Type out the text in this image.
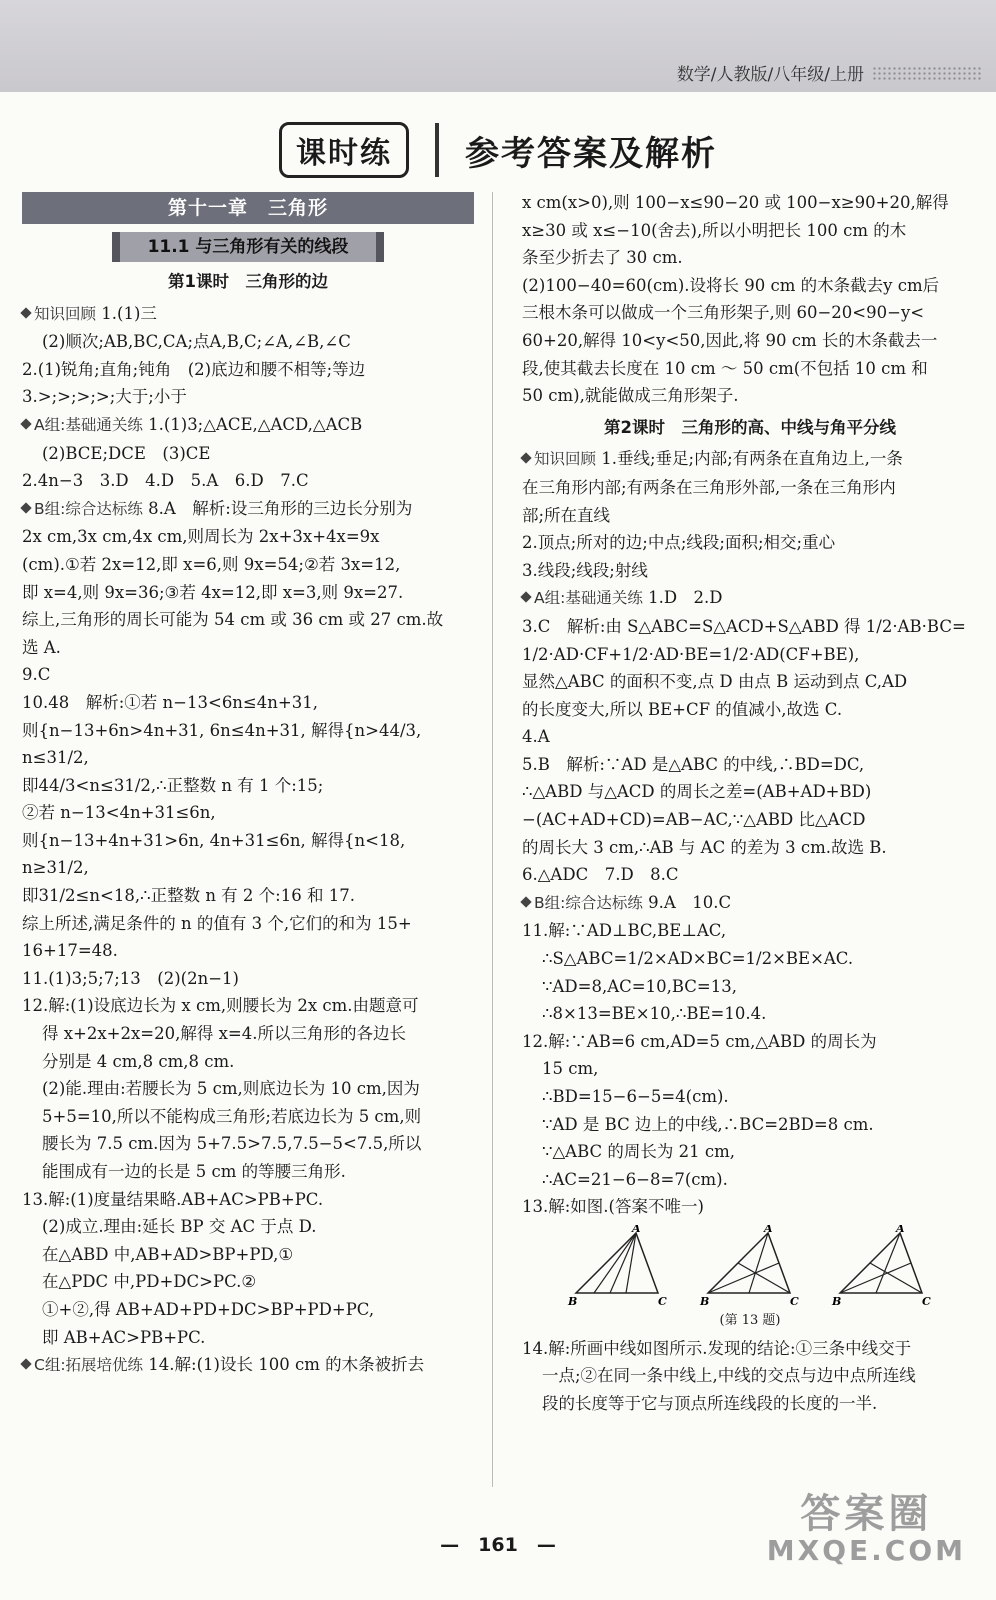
数学/人教版/八年级/上册
课时练	参考答案及解析
第十一章　三角形
11.1 与三角形有关的线段
第1课时　三角形的边

知识回顾 1.(1)三

(2)顺次;AB,BC,CA;点A,B,C;∠A,∠B,∠C

2.(1)锐角;直角;钝角　(2)底边和腰不相等;等边

3.>;>;>;>;大于;小于

A组:基础通关练 1.(1)3;△ACE,△ACD,△ACB

(2)BCE;DCE　(3)CE

2.4n−3　3.D　4.D　5.A　6.D　7.C

B组:综合达标练 8.A　解析:设三角形的三边长分别为

2x cm,3x cm,4x cm,则周长为 2x+3x+4x=9x

(cm).①若 2x=12,即 x=6,则 9x=54;②若 3x=12,

即 x=4,则 9x=36;③若 4x=12,即 x=3,则 9x=27.

综上,三角形的周长可能为 54 cm 或 36 cm 或 27 cm.故

选 A.

9.C

10.48　解析:①若 n−13<6n≤4n+31,

则{n−13+6n>4n+31, 6n≤4n+31, 解得{n>44/3, n≤31/2,

即44/3<n≤31/2,∴正整数 n 有 1 个:15;

②若 n−13<4n+31≤6n,

则{n−13+4n+31>6n, 4n+31≤6n, 解得{n<18, n≥31/2,

即31/2≤n<18,∴正整数 n 有 2 个:16 和 17.

综上所述,满足条件的 n 的值有 3 个,它们的和为 15+

16+17=48.

11.(1)3;5;7;13　(2)(2n−1)

12.解:(1)设底边长为 x cm,则腰长为 2x cm.由题意可

得 x+2x+2x=20,解得 x=4.所以三角形的各边长

分别是 4 cm,8 cm,8 cm.

(2)能.理由:若腰长为 5 cm,则底边长为 10 cm,因为

5+5=10,所以不能构成三角形;若底边长为 5 cm,则

腰长为 7.5 cm.因为 5+7.5>7.5,7.5−5<7.5,所以

能围成有一边的长是 5 cm 的等腰三角形.

13.解:(1)度量结果略.AB+AC>PB+PC.

(2)成立.理由:延长 BP 交 AC 于点 D.

在△ABD 中,AB+AD>BP+PD,①

在△PDC 中,PD+DC>PC.②

①+②,得 AB+AD+PD+DC>BP+PD+PC,

即 AB+AC>PB+PC.

C组:拓展培优练 14.解:(1)设长 100 cm 的木条被折去

x cm(x>0),则 100−x≤90−20 或 100−x≥90+20,解得

x≥30 或 x≤−10(舍去),所以小明把长 100 cm 的木

条至少折去了 30 cm.

(2)100−40=60(cm).设将长 90 cm 的木条截去y cm后

三根木条可以做成一个三角形架子,则 60−20<90−y<

60+20,解得 10<y<50,因此,将 90 cm 长的木条截去一

段,使其截去长度在 10 cm ～ 50 cm(不包括 10 cm 和

50 cm),就能做成三角形架子.

第2课时　三角形的高、中线与角平分线

知识回顾 1.垂线;垂足;内部;有两条在直角边上,一条

在三角形内部;有两条在三角形外部,一条在三角形内

部;所在直线

2.顶点;所对的边;中点;线段;面积;相交;重心

3.线段;线段;射线

A组:基础通关练 1.D　2.D

3.C　解析:由 S△ABC=S△ACD+S△ABD 得 1/2·AB·BC=

1/2·AD·CF+1/2·AD·BE=1/2·AD(CF+BE),

显然△ABC 的面积不变,点 D 由点 B 运动到点 C,AD

的长度变大,所以 BE+CF 的值减小,故选 C.

4.A

5.B　解析:∵AD 是△ABC 的中线,∴BD=DC,

∴△ABD 与△ACD 的周长之差=(AB+AD+BD)

−(AC+AD+CD)=AB−AC,∵△ABD 比△ACD

的周长大 3 cm,∴AB 与 AC 的差为 3 cm.故选 B.

6.△ADC　7.D　8.C

B组:综合达标练 9.A　10.C

11.解:∵AD⊥BC,BE⊥AC,

∴S△ABC=1/2×AD×BC=1/2×BE×AC.

∵AD=8,AC=10,BC=13,

∴8×13=BE×10,∴BE=10.4.

12.解:∵AB=6 cm,AD=5 cm,△ABD 的周长为

15 cm,

∴BD=15−6−5=4(cm).

∵AD 是 BC 边上的中线,∴BC=2BD=8 cm.

∵△ABC 的周长为 21 cm,

∴AC=21−6−8=7(cm).

13.解:如图.(答案不唯一)

A
B	C
A
B	C
A
B	C
(第 13 题)

14.解:所画中线如图所示.发现的结论:①三条中线交于

一点;②在同一条中线上,中线的交点与边中点所连线

段的长度等于它与顶点所连线段的长度的一半.

—　161　—
答案圈
MXQE.COM
